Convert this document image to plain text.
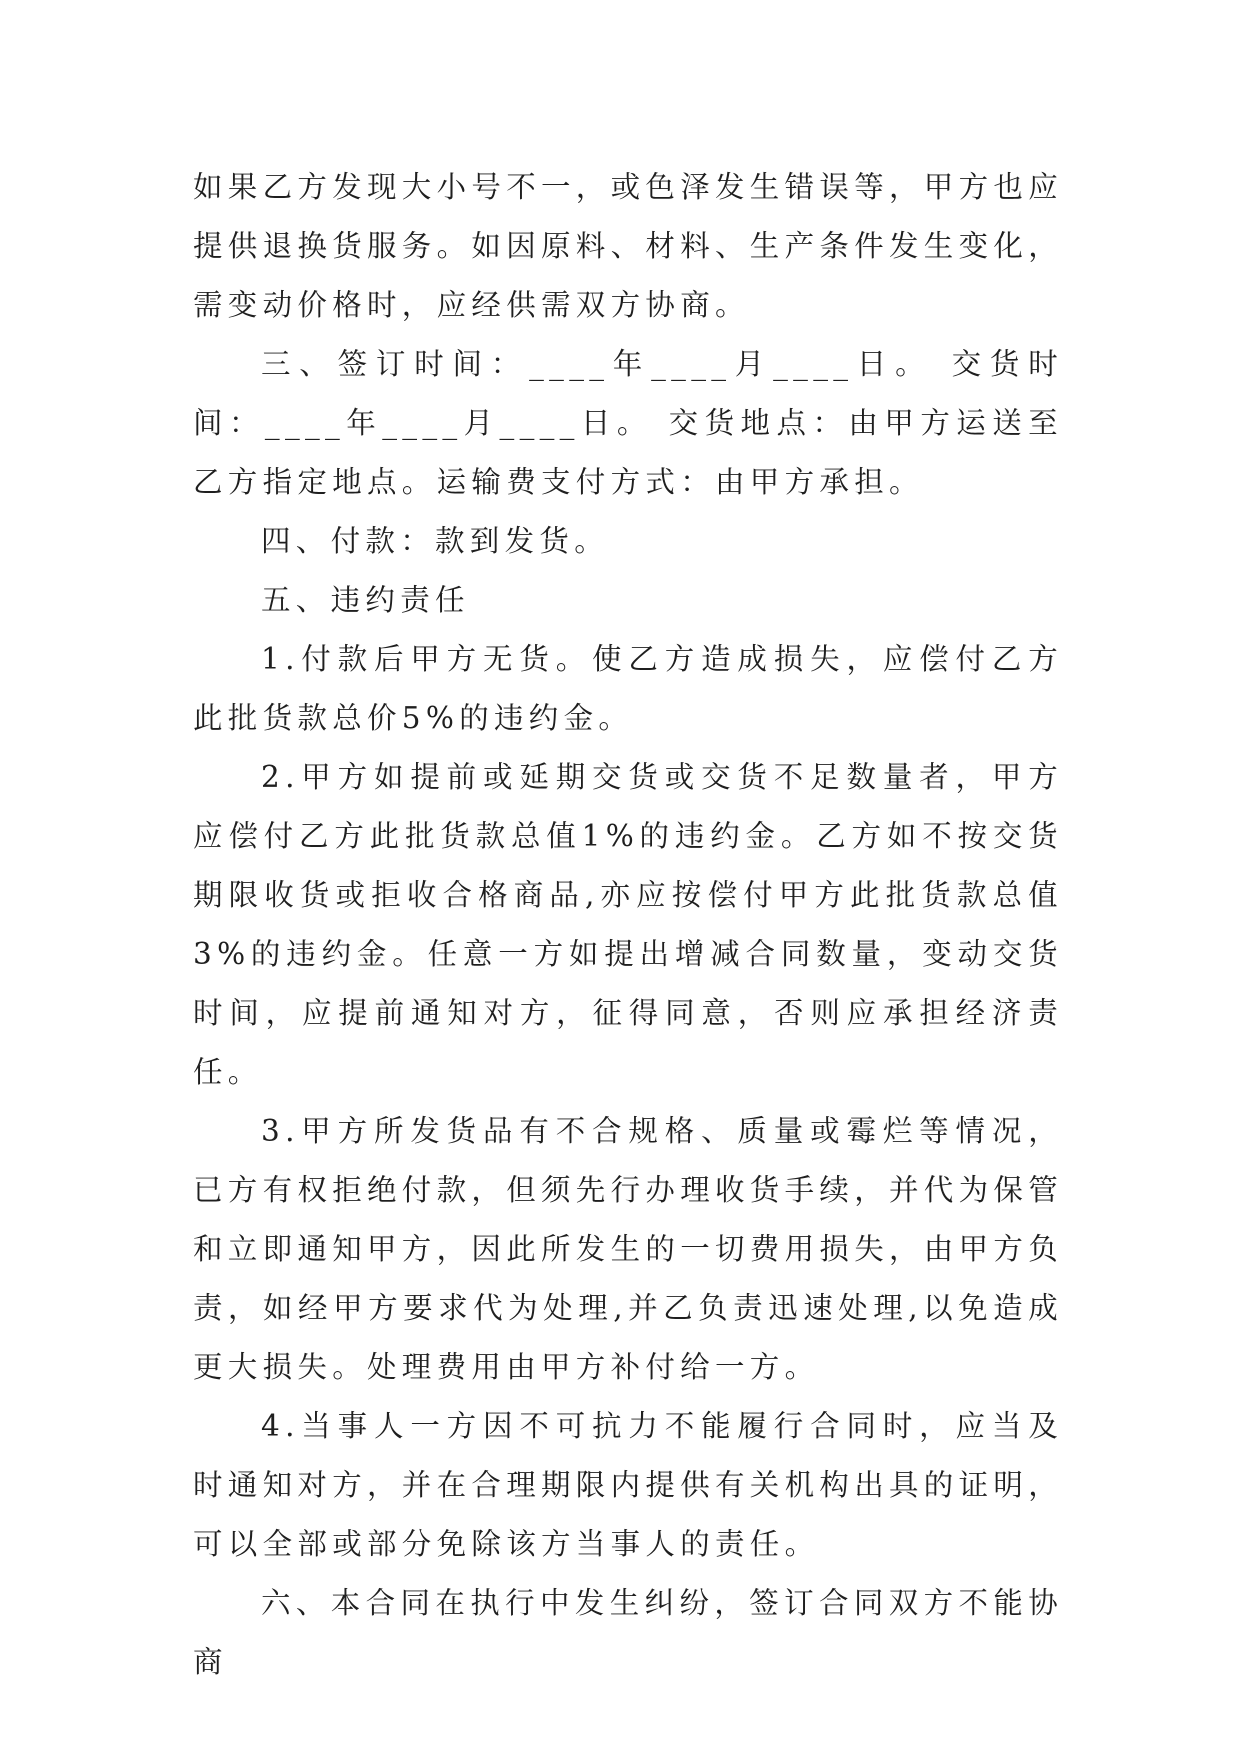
如果乙方发现大小号不一，或色泽发生错误等，甲方也应提供退换货服务。如因原料、材料、生产条件发生变化，需变动价格时，应经供需双方协商。

三、签订时间：____年____月____日。 交货时间：____年____月____日。 交货地点：由甲方运送至乙方指定地点。运输费支付方式：由甲方承担。

四、付款：款到发货。

五、违约责任

1.付款后甲方无货。使乙方造成损失，应偿付乙方此批货款总价5%的违约金。

2.甲方如提前或延期交货或交货不足数量者，甲方应偿付乙方此批货款总值1%的违约金。乙方如不按交货期限收货或拒收合格商品,亦应按偿付甲方此批货款总值3%的违约金。任意一方如提出增减合同数量，变动交货时间，应提前通知对方，征得同意，否则应承担经济责任。

3.甲方所发货品有不合规格、质量或霉烂等情况，已方有权拒绝付款，但须先行办理收货手续，并代为保管和立即通知甲方，因此所发生的一切费用损失，由甲方负责，如经甲方要求代为处理,并乙负责迅速处理,以免造成更大损失。处理费用由甲方补付给一方。

4.当事人一方因不可抗力不能履行合同时，应当及时通知对方，并在合理期限内提供有关机构出具的证明，可以全部或部分免除该方当事人的责任。

六、本合同在执行中发生纠纷，签订合同双方不能协商
